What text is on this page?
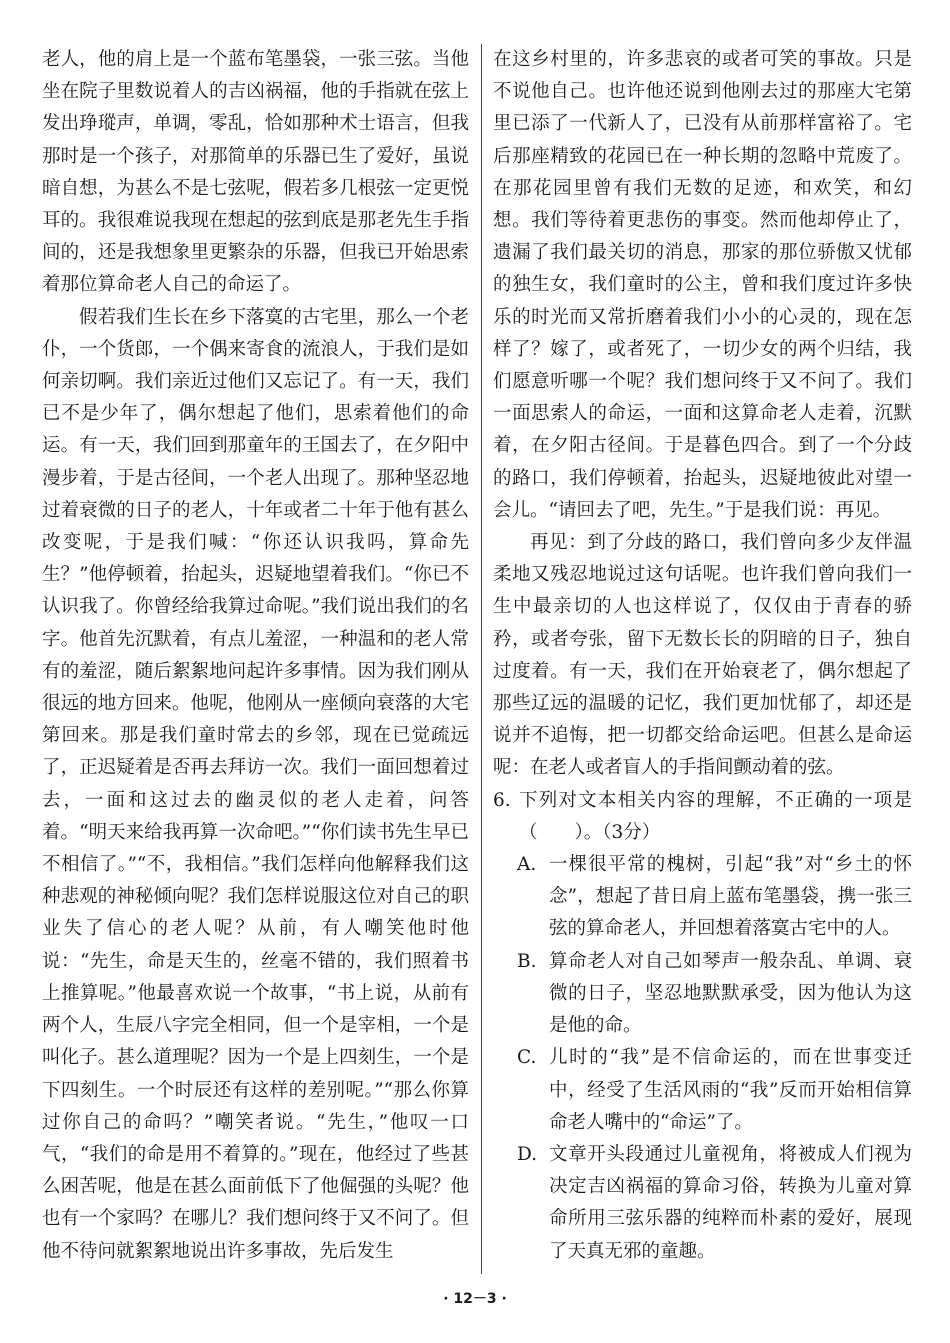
老人，他的肩上是一个蓝布笔墨袋，一张三弦。当他坐在院子里数说着人的吉凶祸福，他的手指就在弦上发出琤瑽声，单调，零乱，恰如那种术士语言，但我那时是一个孩子，对那简单的乐器已生了爱好，虽说暗自想，为甚么不是七弦呢，假若多几根弦一定更悦耳的。我很难说我现在想起的弦到底是那老先生手指间的，还是我想象里更繁杂的乐器，但我已开始思索着那位算命老人自己的命运了。

假若我们生长在乡下落寞的古宅里，那么一个老仆，一个货郎，一个偶来寄食的流浪人，于我们是如何亲切啊。我们亲近过他们又忘记了。有一天，我们已不是少年了，偶尔想起了他们，思索着他们的命运。有一天，我们回到那童年的王国去了，在夕阳中漫步着，于是古径间，一个老人出现了。那种坚忍地过着衰微的日子的老人，十年或者二十年于他有甚么改变呢，于是我们喊：“你还认识我吗，算命先生？”他停顿着，抬起头，迟疑地望着我们。“你已不认识我了。你曾经给我算过命呢。”我们说出我们的名字。他首先沉默着，有点儿羞涩，一种温和的老人常有的羞涩，随后絮絮地问起许多事情。因为我们刚从很远的地方回来。他呢，他刚从一座倾向衰落的大宅第回来。那是我们童时常去的乡邻，现在已觉疏远了，正迟疑着是否再去拜访一次。我们一面回想着过去，一面和这过去的幽灵似的老人走着，问答着。“明天来给我再算一次命吧。”“你们读书先生早已不相信了。”“不，我相信。”我们怎样向他解释我们这种悲观的神秘倾向呢？我们怎样说服这位对自己的职业失了信心的老人呢？从前，有人嘲笑他时他说：“先生，命是天生的，丝毫不错的，我们照着书上推算呢。”他最喜欢说一个故事，“书上说，从前有两个人，生辰八字完全相同，但一个是宰相，一个是叫化子。甚么道理呢？因为一个是上四刻生，一个是下四刻生。一个时辰还有这样的差别呢。”“那么你算过你自己的命吗？”嘲笑者说。“先生，”他叹一口气，“我们的命是用不着算的。”现在，他经过了些甚么困苦呢，他是在甚么面前低下了他倔强的头呢？他也有一个家吗？在哪儿？我们想问终于又不问了。但他不待问就絮絮地说出许多事故，先后发生

在这乡村里的，许多悲哀的或者可笑的事故。只是不说他自己。也许他还说到他刚去过的那座大宅第里已添了一代新人了，已没有从前那样富裕了。宅后那座精致的花园已在一种长期的忽略中荒废了。在那花园里曾有我们无数的足迹，和欢笑，和幻想。我们等待着更悲伤的事变。然而他却停止了，遗漏了我们最关切的消息，那家的那位骄傲又忧郁的独生女，我们童时的公主，曾和我们度过许多快乐的时光而又常折磨着我们小小的心灵的，现在怎样了？嫁了，或者死了，一切少女的两个归结，我们愿意听哪一个呢？我们想问终于又不问了。我们一面思索人的命运，一面和这算命老人走着，沉默着，在夕阳古径间。于是暮色四合。到了一个分歧的路口，我们停顿着，抬起头，迟疑地彼此对望一会儿。“请回去了吧，先生。”于是我们说：再见。

再见：到了分歧的路口，我们曾向多少友伴温柔地又残忍地说过这句话呢。也许我们曾向我们一生中最亲切的人也这样说了，仅仅由于青春的骄矜，或者夸张，留下无数长长的阴暗的日子，独自过度着。有一天，我们在开始衰老了，偶尔想起了那些辽远的温暖的记忆，我们更加忧郁了，却还是说并不追悔，把一切都交给命运吧。但甚么是命运呢：在老人或者盲人的手指间颤动着的弦。

6. 下列对文本相关内容的理解，不正确的一项是（　　）。（3分）
A. 一棵很平常的槐树，引起“我”对“乡土的怀念”，想起了昔日肩上蓝布笔墨袋，携一张三弦的算命老人，并回想着落寞古宅中的人。
B. 算命老人对自己如琴声一般杂乱、单调、衰微的日子，坚忍地默默承受，因为他认为这是他的命。
C. 儿时的“我”是不信命运的，而在世事变迁中，经受了生活风雨的“我”反而开始相信算命老人嘴中的“命运”了。
D. 文章开头段通过儿童视角，将被成人们视为决定吉凶祸福的算命习俗，转换为儿童对算命所用三弦乐器的纯粹而朴素的爱好，展现了天真无邪的童趣。
· 12－3 ·
